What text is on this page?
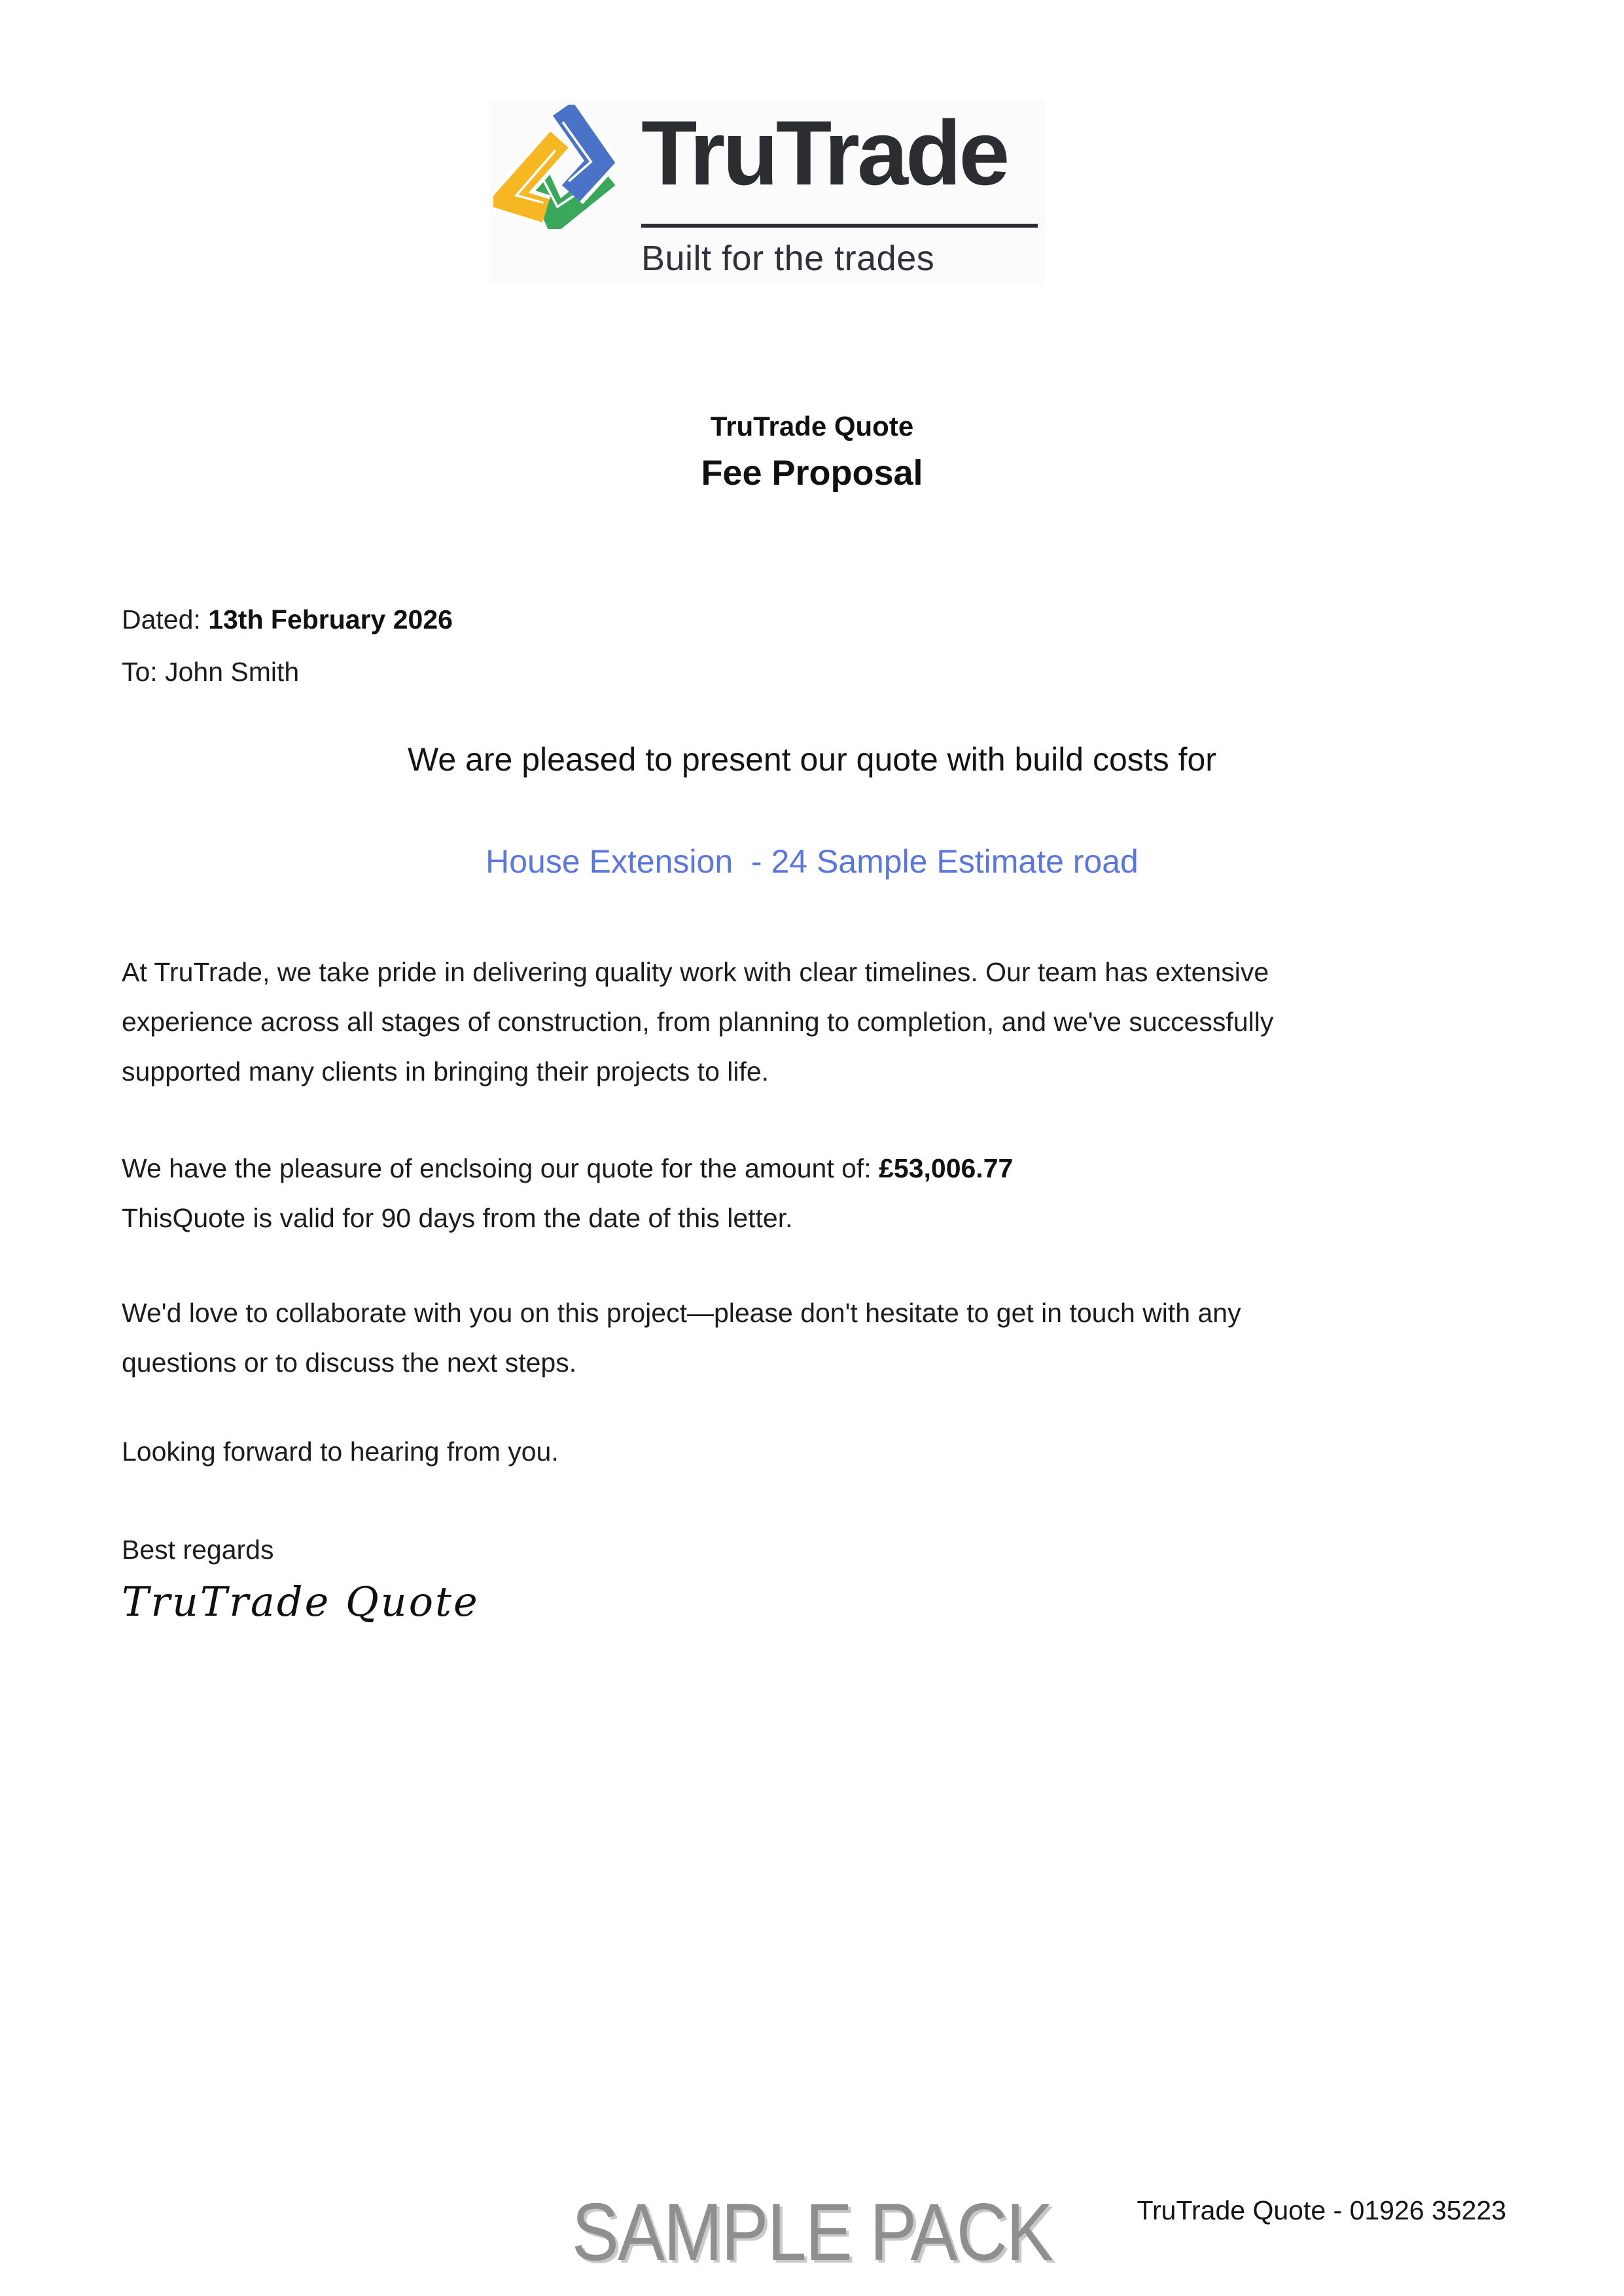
TruTrade
Built for the trades
TruTrade Quote
Fee Proposal
Dated: 13th February 2026
To: John Smith
We are pleased to present our quote with build costs for
House Extension  - 24 Sample Estimate road
At TruTrade, we take pride in delivering quality work with clear timelines. Our team has extensive
experience across all stages of construction, from planning to completion, and we've successfully
supported many clients in bringing their projects to life.
We have the pleasure of enclsoing our quote for the amount of: £53,006.77
ThisQuote is valid for 90 days from the date of this letter.
We'd love to collaborate with you on this project—please don't hesitate to get in touch with any
questions or to discuss the next steps.
Looking forward to hearing from you.
Best regards
TruTrade Quote
SAMPLE PACK	TruTrade Quote - 01926 35223
